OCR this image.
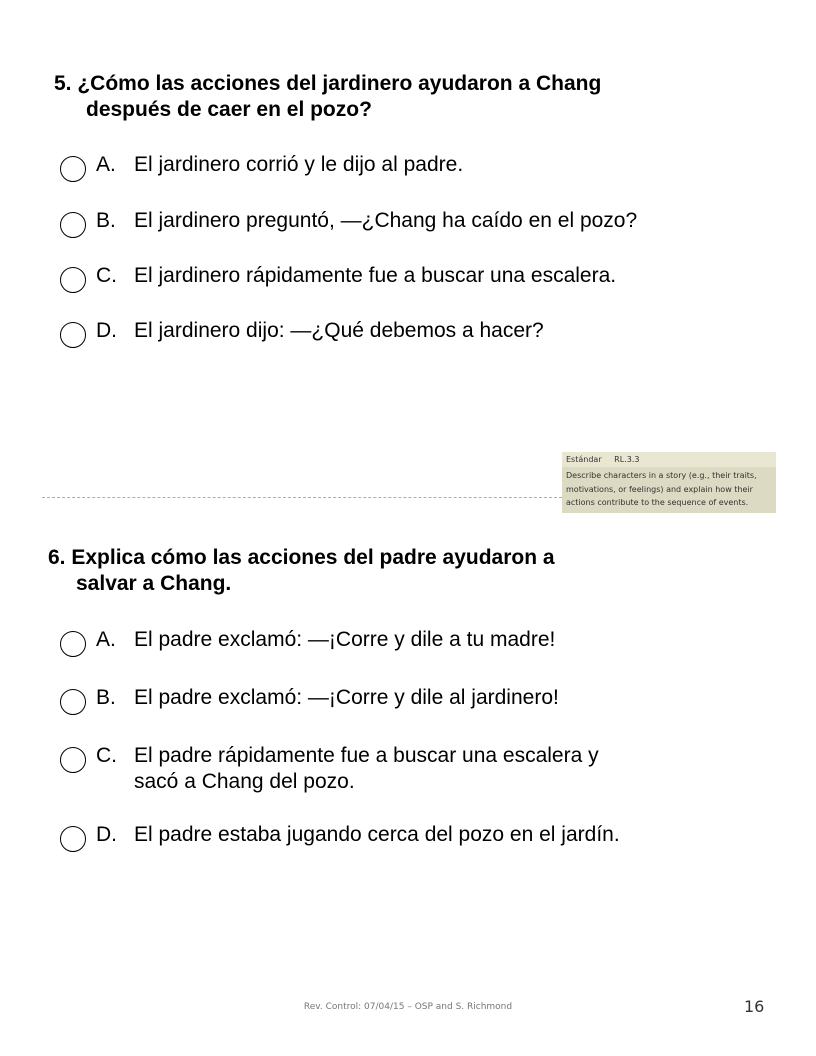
5. ¿Cómo las acciones del jardinero ayudaron a Chang
después de caer en el pozo?
A. El jardinero corrió y le dijo al padre.
B. El jardinero preguntó, ―¿Chang ha caído en el pozo?
C. El jardinero rápidamente fue a buscar una escalera.
D. El jardinero dijo: ―¿Qué debemos a hacer?
Estándar RL.3.3
Describe characters in a story (e.g., their traits, motivations, or feelings) and explain how their actions contribute to the sequence of events.
6. Explica cómo las acciones del padre ayudaron a
salvar a Chang.
A. El padre exclamó: ―¡Corre y dile a tu madre!
B. El padre exclamó: ―¡Corre y dile al jardinero!
C. El padre rápidamente fue a buscar una escalera y
sacó a Chang del pozo.
D. El padre estaba jugando cerca del pozo en el jardín.
Rev. Control: 07/04/15 – OSP and S. Richmond	16
